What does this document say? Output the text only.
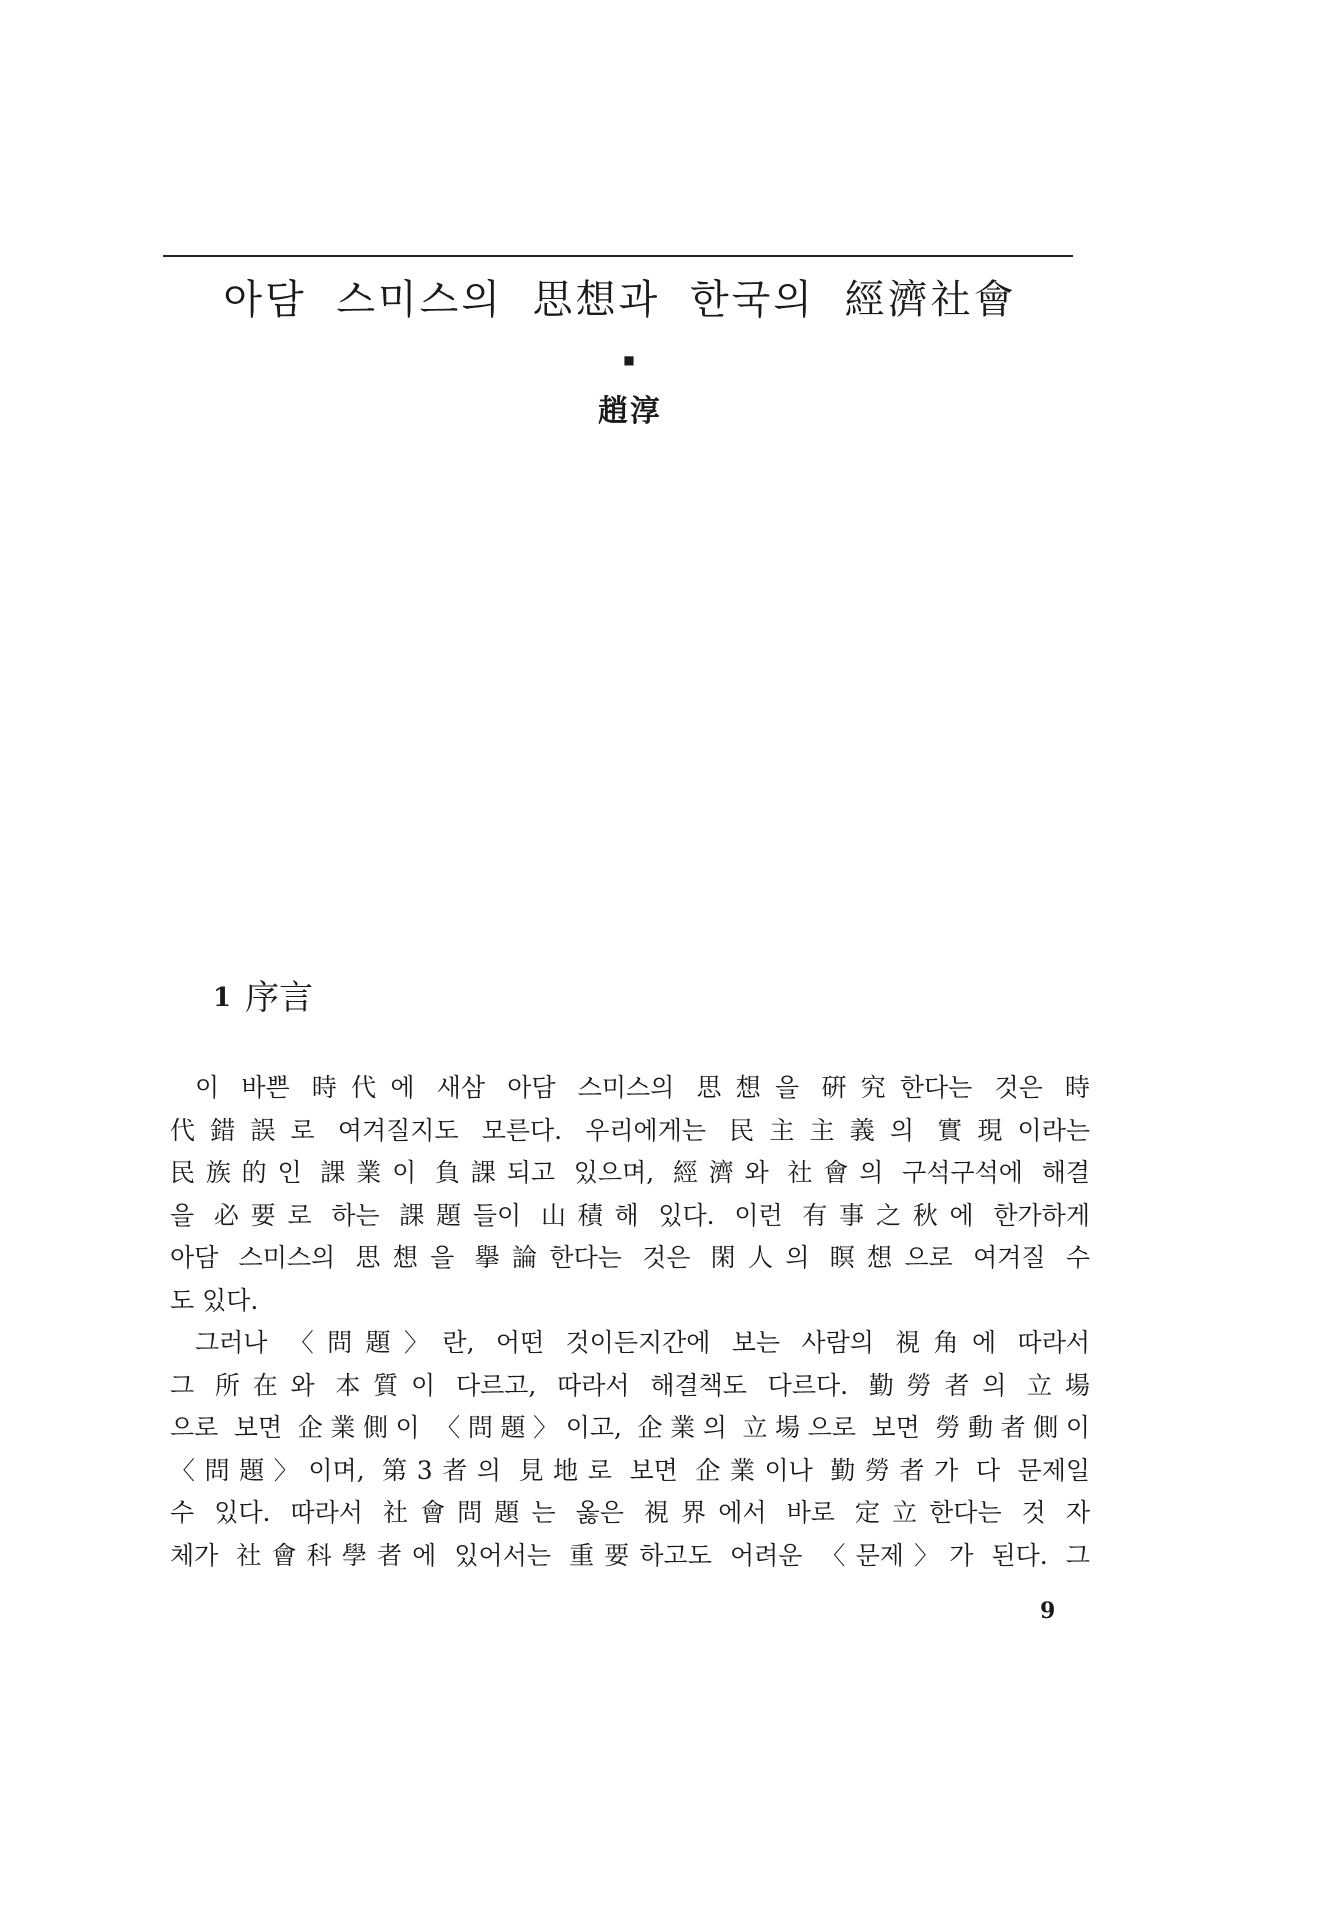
아담 스미스의 思想과 한국의 經濟社會
■
趙淳
1 序言
이 바쁜 時代에 새삼 아담 스미스의 思想을 硏究한다는 것은 時
代錯誤로 여겨질지도 모른다. 우리에게는 民主主義의 實現이라는
民族的인 課業이 負課되고 있으며, 經濟와 社會의 구석구석에 해결
을 必要로 하는 課題들이 山積해 있다. 이런 有事之秋에 한가하게
아담 스미스의 思想을 擧論한다는 것은 閑人의 瞑想으로 여겨질 수
도 있다.
그러나 〈問題〉란, 어떤 것이든지간에 보는 사람의 視角에 따라서
그 所在와 本質이 다르고, 따라서 해결책도 다르다. 勤勞者의 立場
으로 보면 企業側이 〈問題〉이고, 企業의 立場으로 보면 勞動者側이
〈問題〉이며, 第3者의 見地로 보면 企業이나 勤勞者가 다 문제일
수 있다. 따라서 社會問題는 옳은 視界에서 바로 定立한다는 것 자
체가 社會科學者에 있어서는 重要하고도 어려운 〈문제〉가 된다. 그
9
